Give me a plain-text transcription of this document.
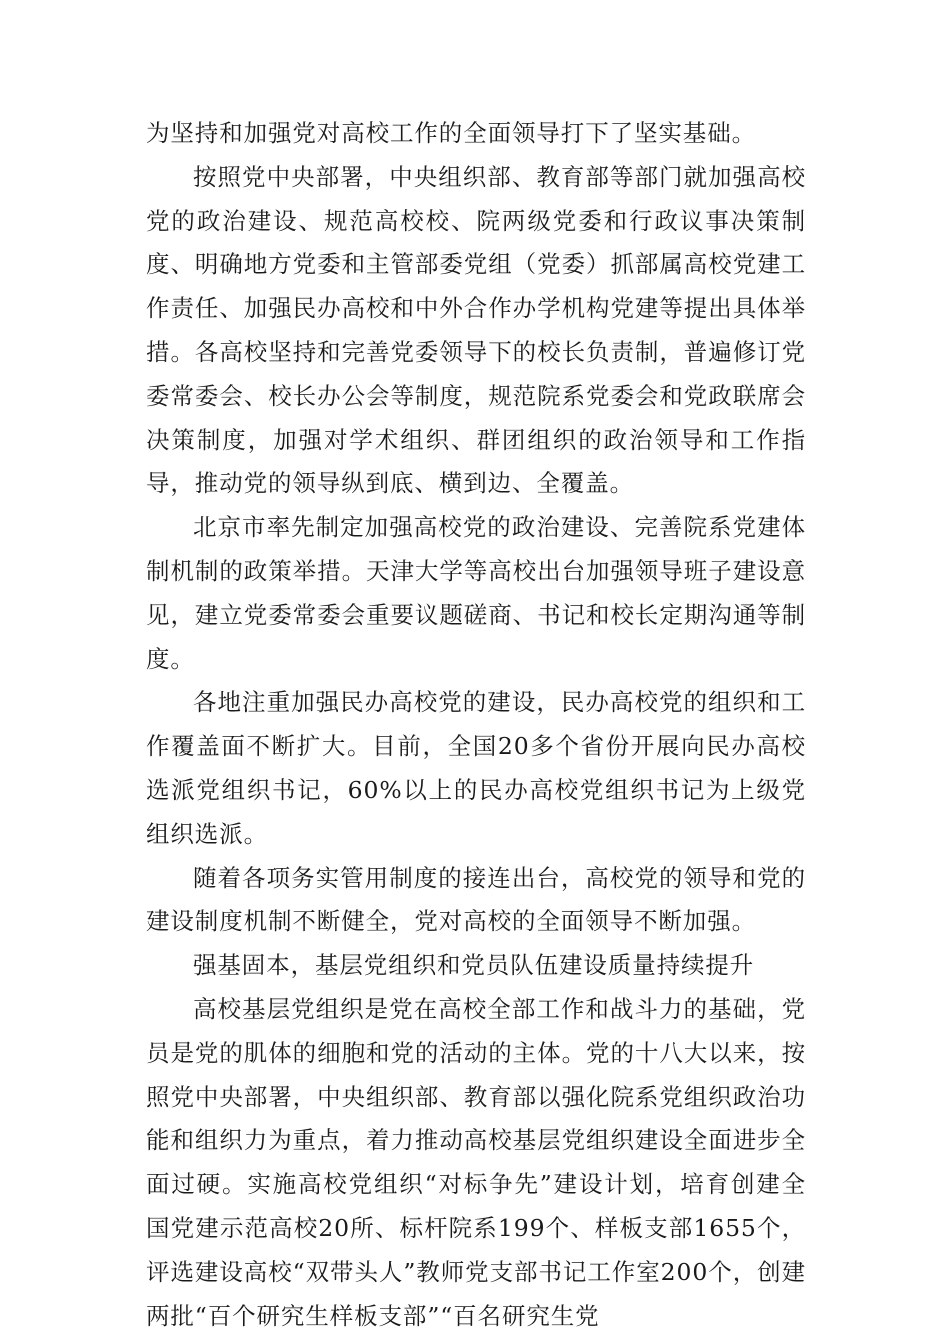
为坚持和加强党对高校工作的全面领导打下了坚实基础。

按照党中央部署，中央组织部、教育部等部门就加强高校党的政治建设、规范高校校、院两级党委和行政议事决策制度、明确地方党委和主管部委党组（党委）抓部属高校党建工作责任、加强民办高校和中外合作办学机构党建等提出具体举措。各高校坚持和完善党委领导下的校长负责制，普遍修订党委常委会、校长办公会等制度，规范院系党委会和党政联席会决策制度，加强对学术组织、群团组织的政治领导和工作指导，推动党的领导纵到底、横到边、全覆盖。

北京市率先制定加强高校党的政治建设、完善院系党建体制机制的政策举措。天津大学等高校出台加强领导班子建设意见，建立党委常委会重要议题磋商、书记和校长定期沟通等制度。

各地注重加强民办高校党的建设，民办高校党的组织和工作覆盖面不断扩大。目前，全国20多个省份开展向民办高校选派党组织书记，60%以上的民办高校党组织书记为上级党组织选派。

随着各项务实管用制度的接连出台，高校党的领导和党的建设制度机制不断健全，党对高校的全面领导不断加强。

强基固本，基层党组织和党员队伍建设质量持续提升

高校基层党组织是党在高校全部工作和战斗力的基础，党员是党的肌体的细胞和党的活动的主体。党的十八大以来，按照党中央部署，中央组织部、教育部以强化院系党组织政治功能和组织力为重点，着力推动高校基层党组织建设全面进步全面过硬。实施高校党组织“对标争先”建设计划，培育创建全国党建示范高校20所、标杆院系199个、样板支部1655个，评选建设高校“双带头人”教师党支部书记工作室200个，创建两批“百个研究生样板支部”“百名研究生党
